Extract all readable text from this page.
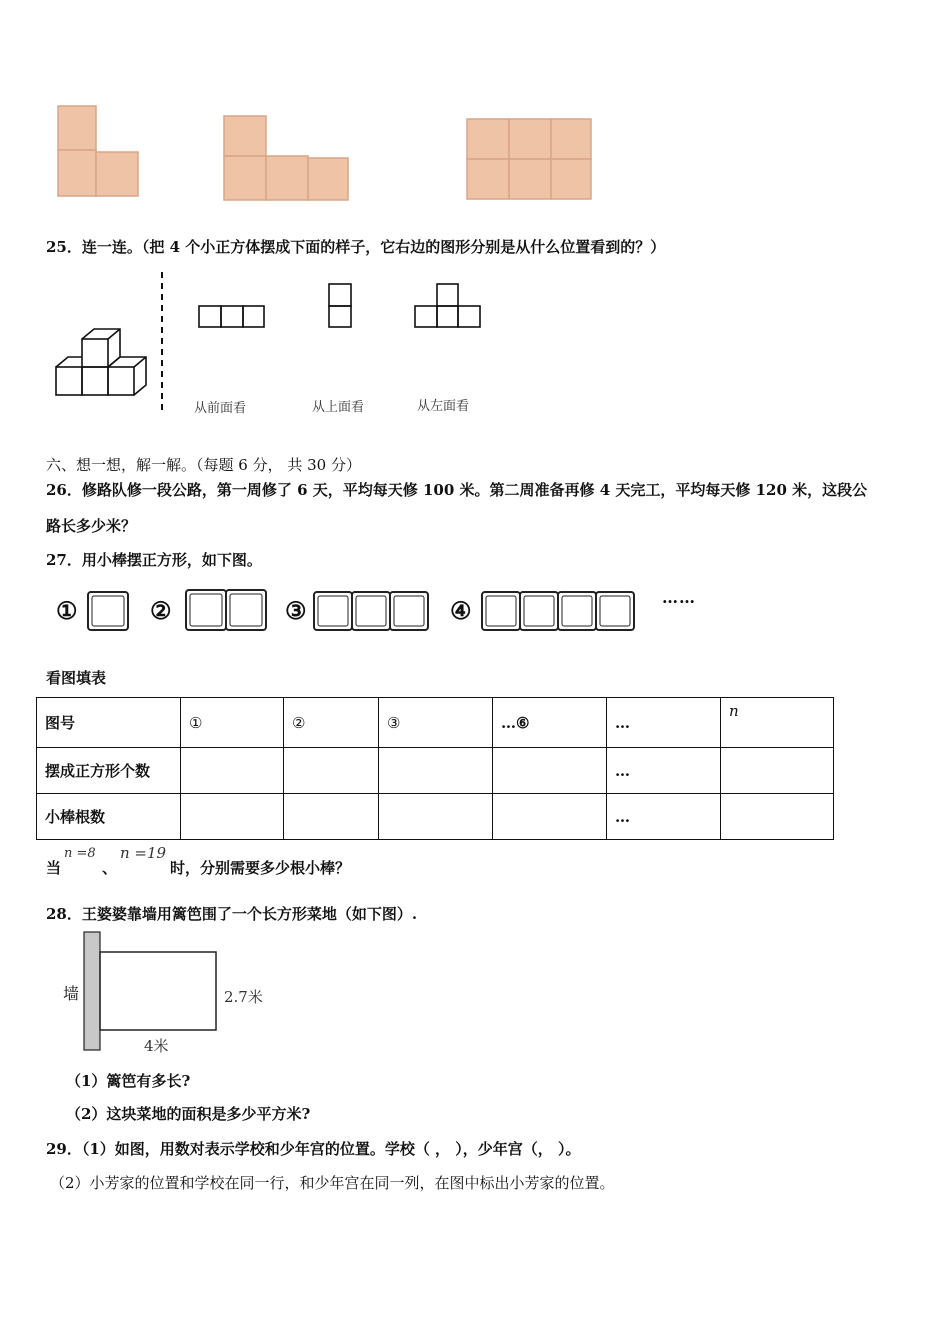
25．连一连。（把 4 个小正方体摆成下面的样子，它右边的图形分别是从什么位置看到的？）
从前面看	从上面看	从左面看
六、想一想，解一解。（每题 6 分， 共 30 分）
26．修路队修一段公路，第一周修了 6 天，平均每天修 100 米。第二周准备再修 4 天完工，平均每天修 120 米，这段公
路长多少米？
27．用小棒摆正方形，如下图。
①	②	③	④	……
看图填表
图号	①	②	③	…⑥	…	n
摆成正方形个数					…	
小棒根数					…	
当
n =8
、
n =19
时，分别需要多少根小棒？
28．王婆婆靠墙用篱笆围了一个长方形菜地（如下图）.
墙	2.7米
4米
（1）篱笆有多长?
（2）这块菜地的面积是多少平方米?
29．（1）如图，用数对表示学校和少年宫的位置。学校（ ， ），少年宫（， ）。
（2）小芳家的位置和学校在同一行，和少年宫在同一列，在图中标出小芳家的位置。
